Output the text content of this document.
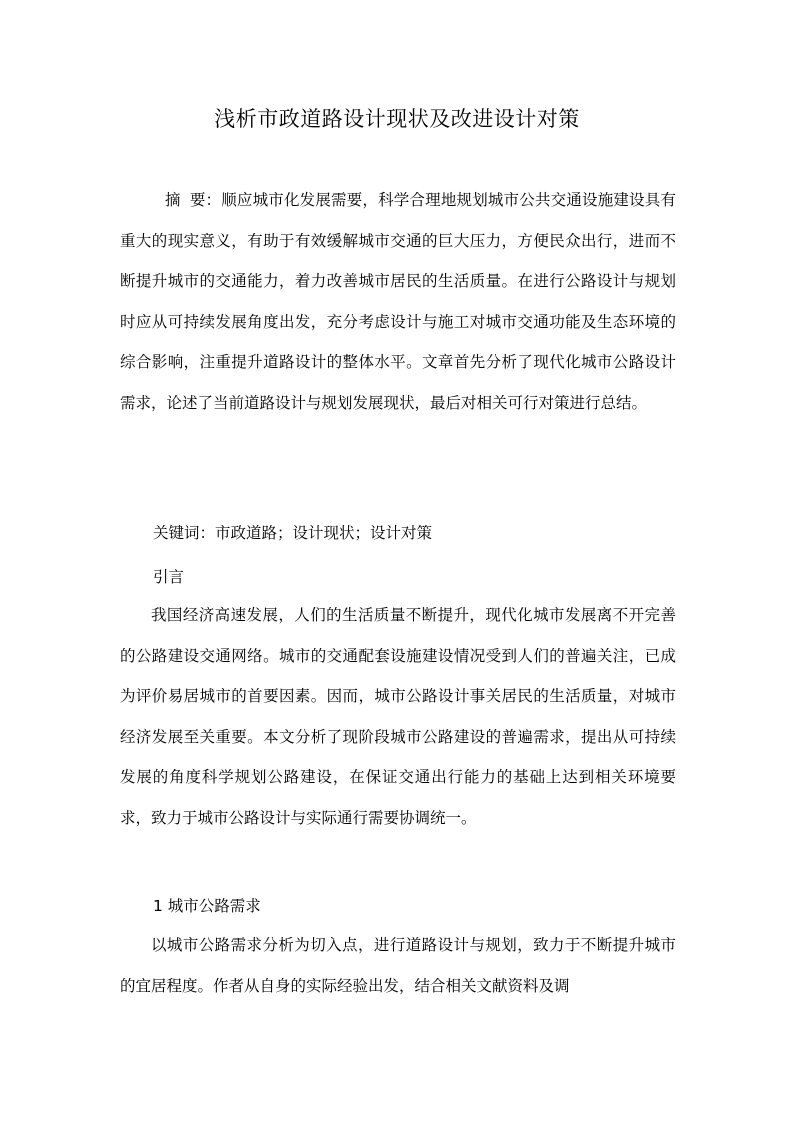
浅析市政道路设计现状及改进设计对策

摘 要：顺应城市化发展需要，科学合理地规划城市公共交通设施建设具有重大的现实意义，有助于有效缓解城市交通的巨大压力，方便民众出行，进而不断提升城市的交通能力，着力改善城市居民的生活质量。在进行公路设计与规划时应从可持续发展角度出发，充分考虑设计与施工对城市交通功能及生态环境的综合影响，注重提升道路设计的整体水平。文章首先分析了现代化城市公路设计需求，论述了当前道路设计与规划发展现状，最后对相关可行对策进行总结。

关键词：市政道路；设计现状；设计对策

引言

我国经济高速发展，人们的生活质量不断提升，现代化城市发展离不开完善的公路建设交通网络。城市的交通配套设施建设情况受到人们的普遍关注，已成为评价易居城市的首要因素。因而，城市公路设计事关居民的生活质量，对城市经济发展至关重要。本文分析了现阶段城市公路建设的普遍需求，提出从可持续发展的角度科学规划公路建设，在保证交通出行能力的基础上达到相关环境要求，致力于城市公路设计与实际通行需要协调统一。

1 城市公路需求

以城市公路需求分析为切入点，进行道路设计与规划，致力于不断提升城市的宜居程度。作者从自身的实际经验出发，结合相关文献资料及调
